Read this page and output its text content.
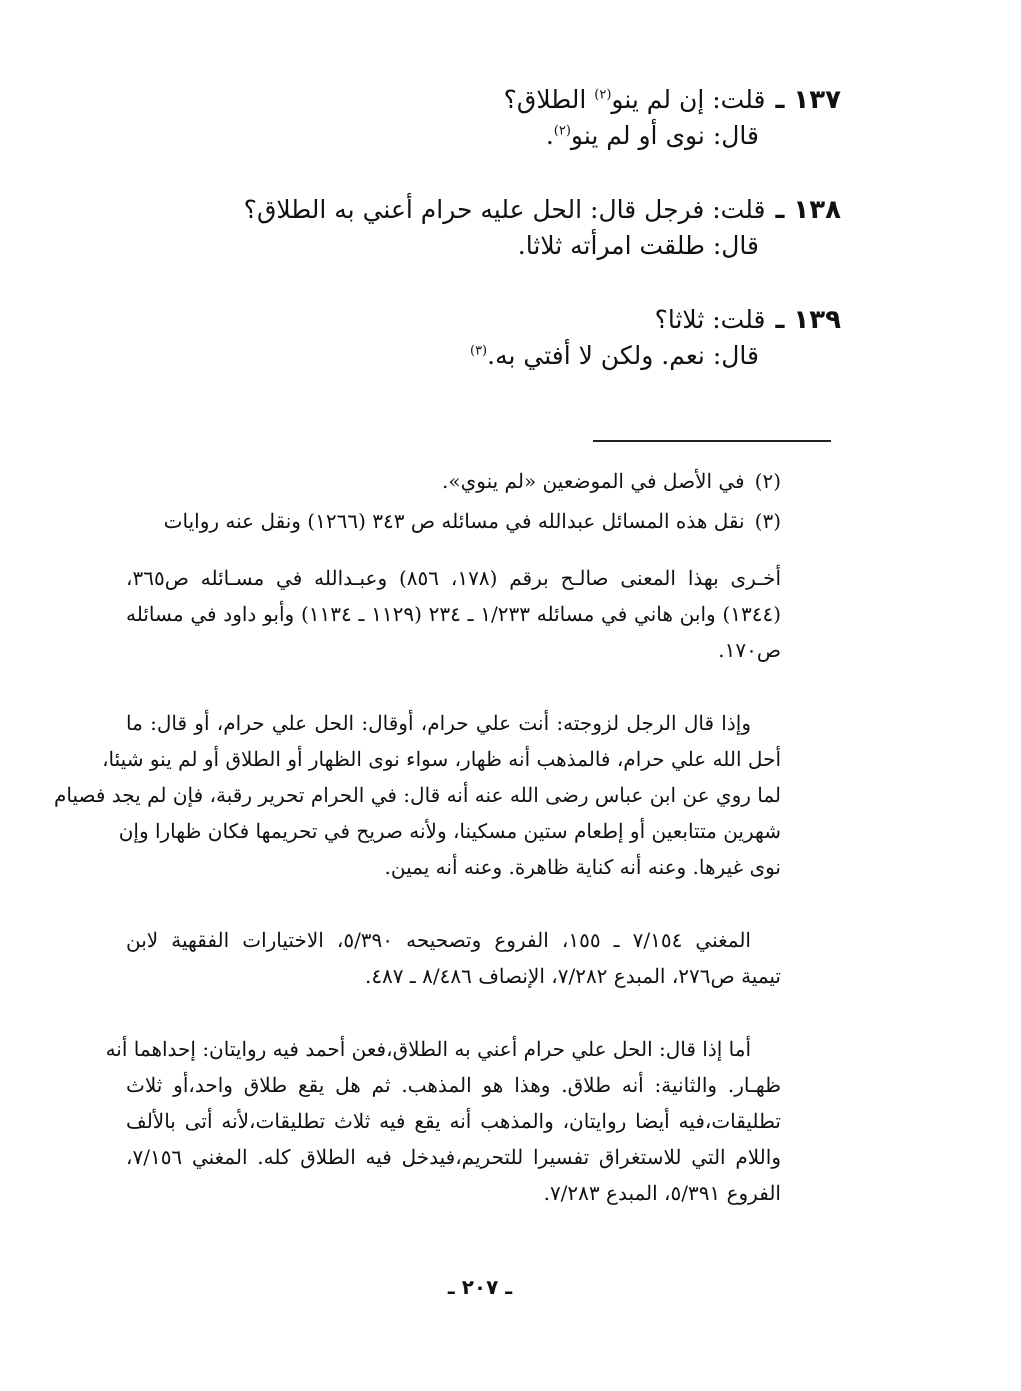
١٣٧ ـقلت: إن لم ينو$^{(٢)}$ الطلاق؟
قال: نوى أو لم ينو$^{(٢)}$.
١٣٨ ـقلت: فرجل قال: الحل عليه حرام أعني به الطلاق؟
قال: طلقت امرأته ثلاثا.
١٣٩ ـقلت: ثلاثا؟
قال: نعم. ولكن لا أفتي به.$^{(٣)}$
(٢)في الأصل في الموضعين «لم ينوي».
(٣)نقل هذه المسائل عبدالله في مسائله ص ٣٤٣ (١٢٦٦) ونقل عنه روايات
أخـرى بهذا المعنى صالـح برقم (١٧٨، ٨٥٦) وعبـدالله في مسـائله ص٣٦٥،
(١٣٤٤) وابن هاني في مسائله ١/٢٣٣ ـ ٢٣٤ (١١٢٩ ـ ١١٣٤) وأبو داود في مسائله
ص١٧٠.
وإذا قال الرجل لزوجته: أنت علي حرام، أوقال: الحل علي حرام، أو قال: ما
أحل الله علي حرام، فالمذهب أنه ظهار، سواء نوى الظهار أو الطلاق أو لم ينو شيئا،
لما روي عن ابن عباس رضى الله عنه أنه قال: في الحرام تحرير رقبة، فإن لم يجد فصيام
شهرين متتابعين أو إطعام ستين مسكينا، ولأنه صريح في تحريمها فكان ظهارا وإن
نوى غيرها. وعنه أنه كناية ظاهرة. وعنه أنه يمين.
المغني ٧/١٥٤ ـ ١٥٥، الفروع وتصحيحه ٥/٣٩٠، الاختيارات الفقهية لابن
تيمية ص٢٧٦، المبدع ٧/٢٨٢، الإنصاف ٨/٤٨٦ ـ ٤٨٧.
أما إذا قال: الحل علي حرام أعني به الطلاق،فعن أحمد فيه روايتان: إحداهما أنه
ظهـار. والثانية: أنه طلاق. وهذا هو المذهب. ثم هل يقع طلاق واحد،أو ثلاث
تطليقات،فيه أيضا روايتان، والمذهب أنه يقع فيه ثلاث تطليقات،لأنه أتى بالألف
واللام التي للاستغراق تفسيرا للتحريم،فيدخل فيه الطلاق كله. المغني ٧/١٥٦،
الفروع ٥/٣٩١، المبدع ٧/٢٨٣.
ـ ٢٠٧ ـ
